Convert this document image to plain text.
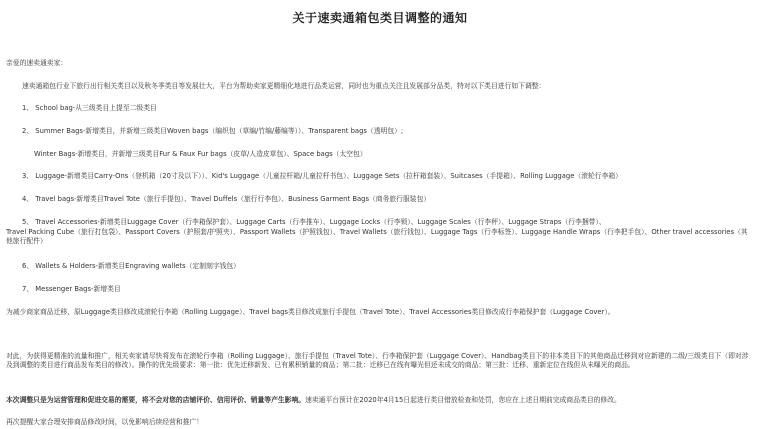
关于速卖通箱包类目调整的通知
亲爱的速卖通卖家：
速卖通箱包行业下旅行出行相关类目以及秋冬季类目等发展壮大，平台为帮助卖家更精细化地进行品类运营，同时也为重点关注且发展部分品类，特对以下类目进行如下调整：
1、 School bag-从三级类目上提至二级类目
2、 Summer Bags-新增类目，并新增三级类目Woven bags（编织包（草编/竹编/藤编等））、Transparent bags（透明包）;
Winter Bags-新增类目，并新增三级类目Fur & Faux Fur bags（皮草/人造皮草包）、Space bags（太空包）
3、 Luggage-新增类目Carry-Ons（登机箱（20寸及以下））、Kid's Luggage（儿童拉杆箱/儿童拉杆书包）、Luggage Sets（拉杆箱套装）、Suitcases（手提箱）、Rolling Luggage（滚轮行李箱）
4、 Travel bags-新增类目Travel Tote（旅行手提包）、Travel Duffels（旅行行李包）、Business Garment Bags（商务旅行服装包）
5、 Travel Accessories-新增类目Luggage Cover（行李箱保护套）、Luggage Carts（行李推车）、Luggage Locks（行李锁）、Luggage Scales（行李秤）、Luggage Straps（行李捆带）、
Travel Packing Cube（旅行打包袋）、Passport Covers（护照套/护照夹）、Passport Wallets（护照钱包）、Travel Wallets（旅行钱包）、Luggage Tags（行李标签）、Luggage Handle Wraps（行李把手包）、Other travel accessories（其他旅行配件）
6、 Wallets & Holders-新增类目Engraving wallets（定制刻字钱包）
7、 Messenger Bags-新增类目
为减少商家商品迁移，原Luggage类目修改成滚轮行李箱（Rolling Luggage）、Travel bags类目修改成旅行手提包（Travel Tote）、Travel Accessories类目修改成行李箱保护套（Luggage Cover）。
对此，为获得更精准的流量和推广，相关卖家请尽快将发布在滚轮行李箱（Rolling Luggage）、旅行手提包（Travel Tote）、行李箱保护套（Luggage Cover）、Handbag类目下的非本类目下的其他商品迁移到对应新建的二级/三级类目下（即对涉及到调整的类目进行商品发布类目的修改）。操作的优先级要求：第一批：优先迁移新发、已有累积销量的商品；第二批：迁移已在线有曝光但还未成交的商品；第三批：迁移、重新定位在线但从未曝光的商品。
本次调整只是为运营管理和促进交易的需要，将不会对您的店铺评价、信用评价、销量等产生影响。速卖通平台预计在2020年4月15日起进行类目错放检查和处罚，您应在上述日期前完成商品类目的修改。
再次提醒大家合理安排商品修改时间，以免影响后续经营和推广！
